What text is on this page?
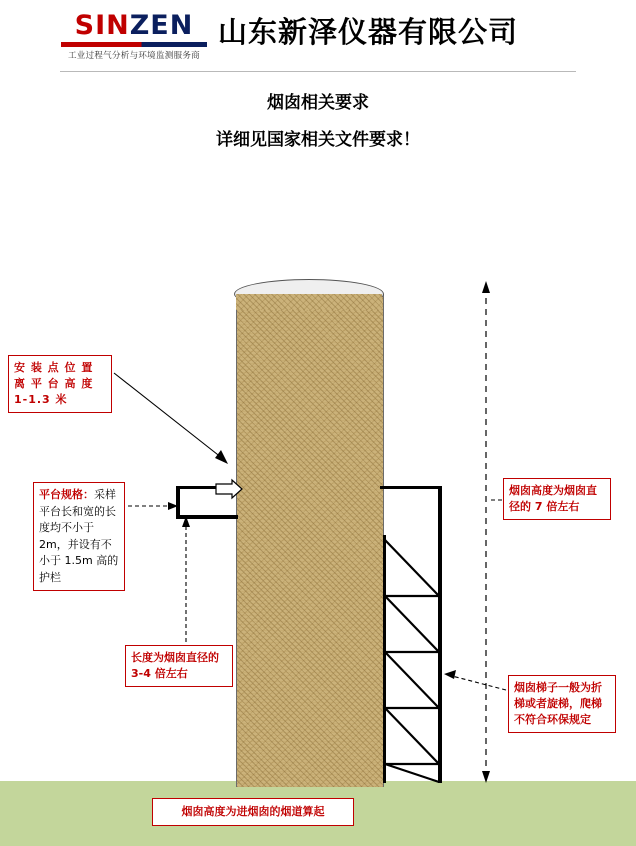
SINZEN
工业过程气分析与环境监测服务商
山东新泽仪器有限公司
烟囱相关要求
详细见国家相关文件要求！
安 装 点 位 置
离 平 台 高 度
1-1.3 米
平台规格：采样平台长和宽的长度均不小于2m，并设有不小于 1.5m 高的护栏
长度为烟囱直径的 3-4 倍左右
烟囱高度为烟囱直径的 7 倍左右
烟囱梯子一般为折梯或者旋梯，爬梯不符合环保规定
烟囱高度为进烟囱的烟道算起
